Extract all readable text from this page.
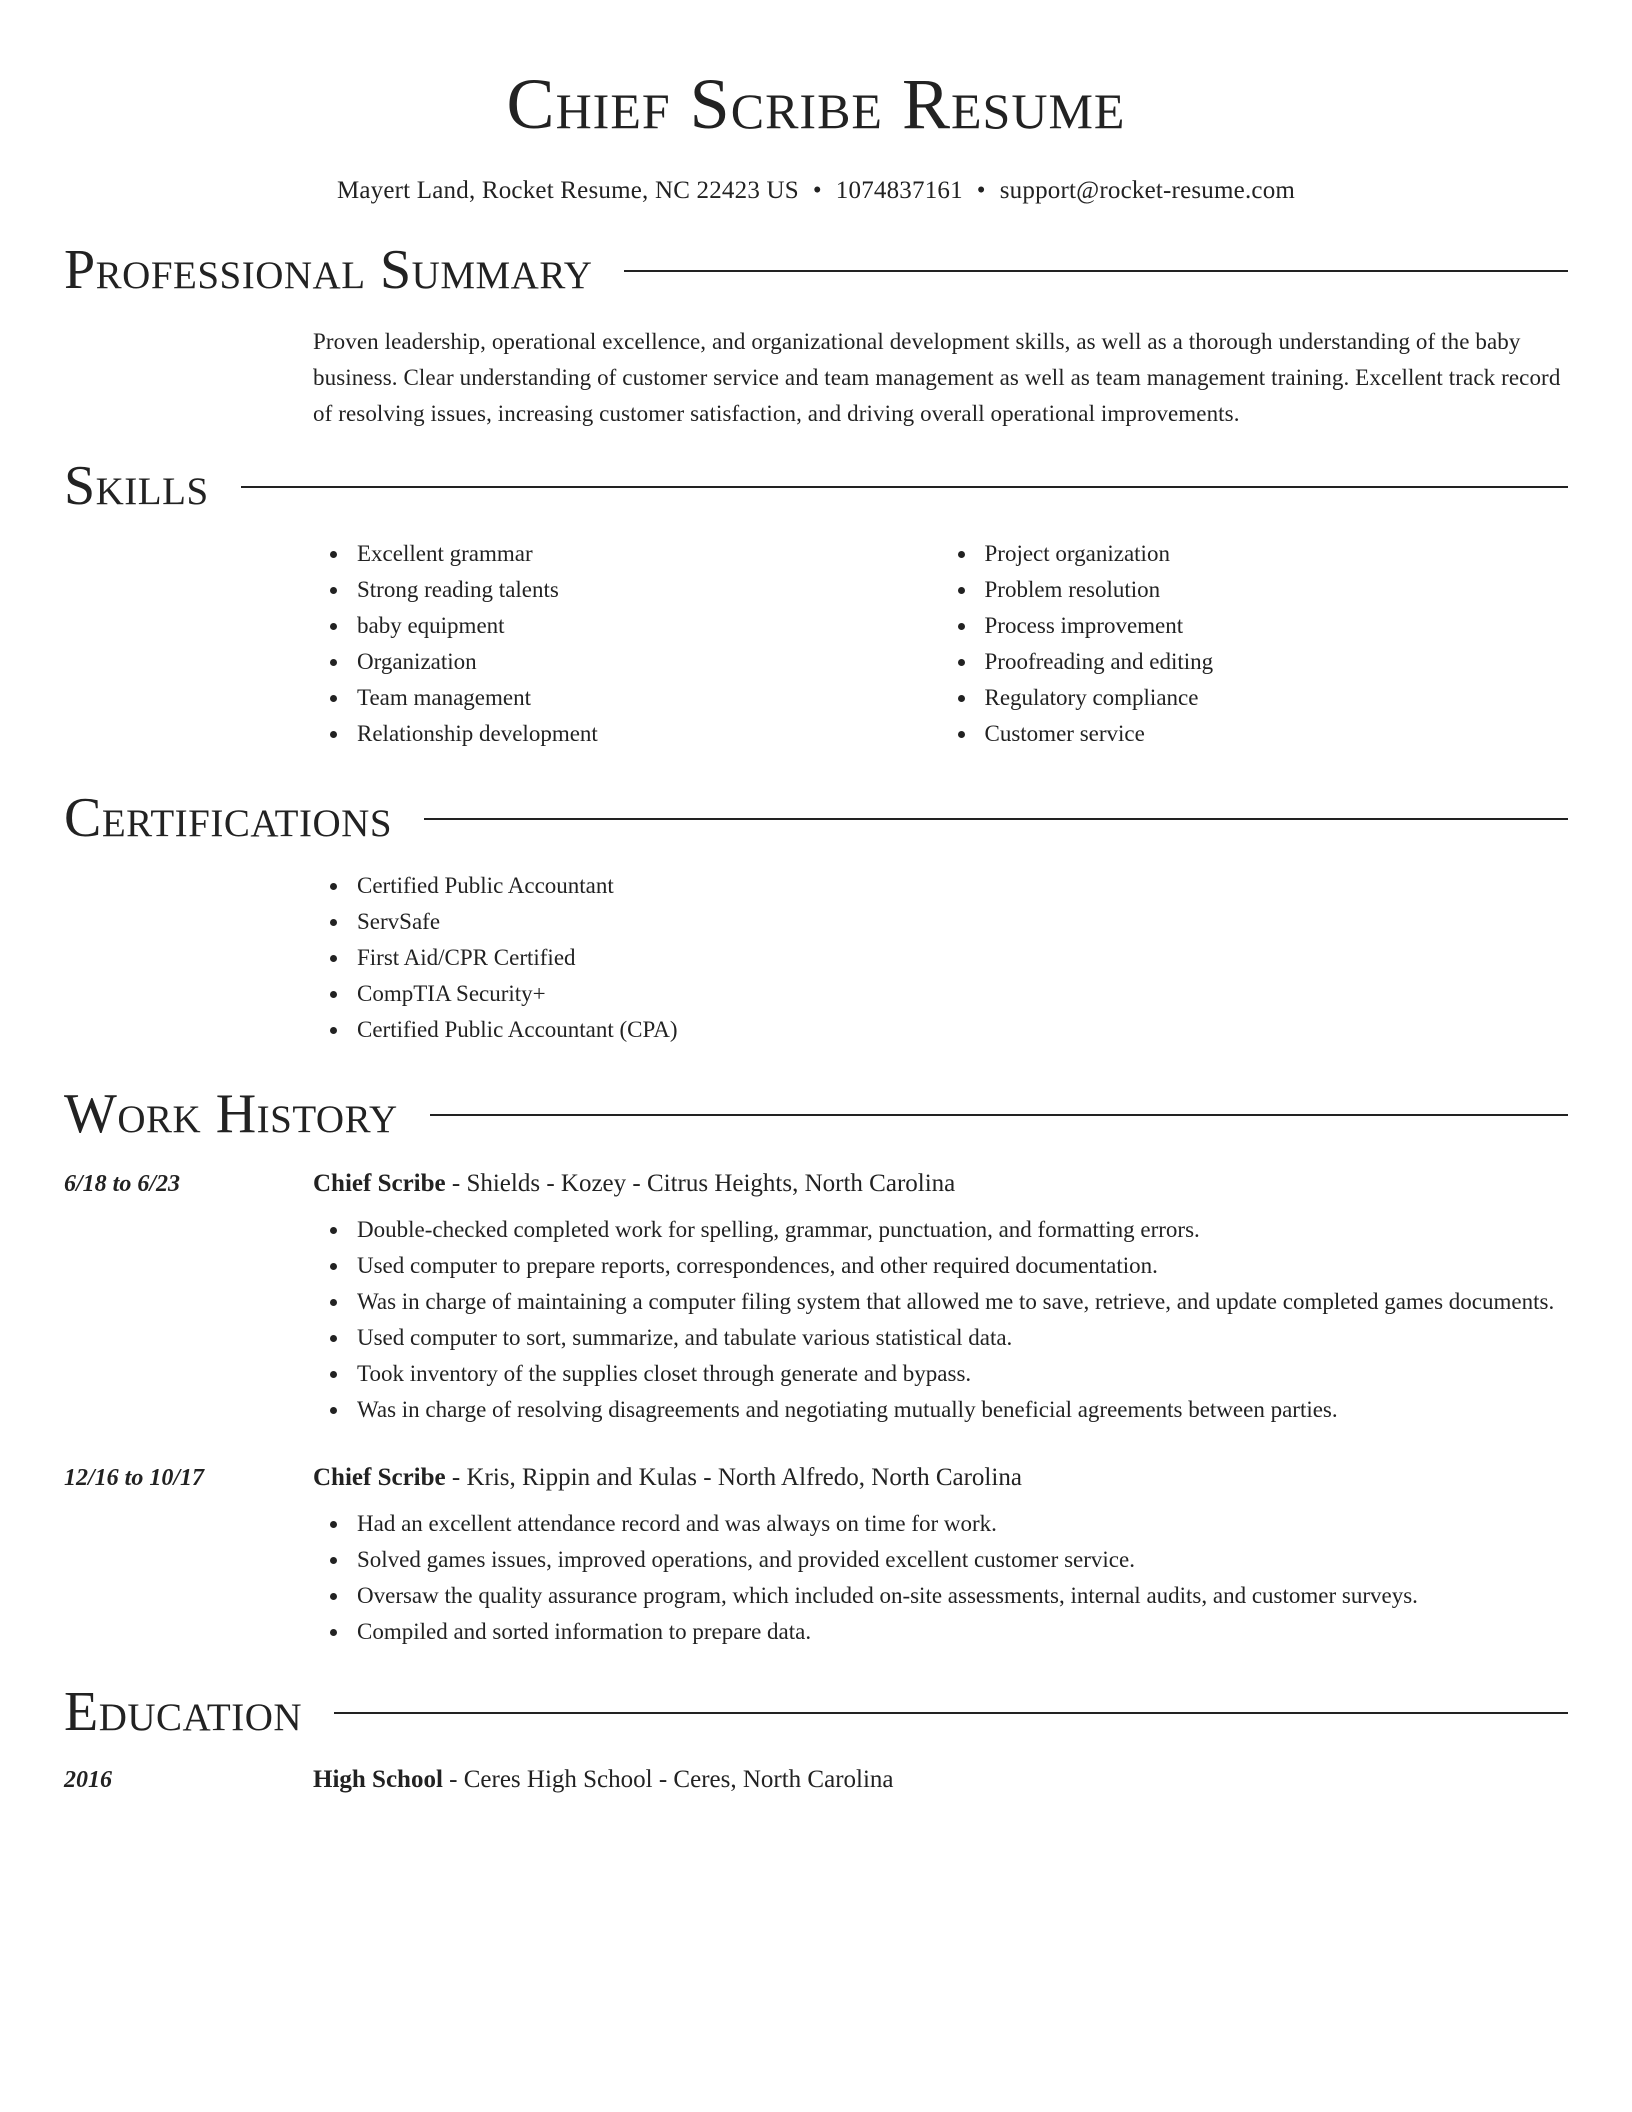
Chief Scribe Resume
Mayert Land, Rocket Resume, NC 22423 US • 1074837161 • support@rocket-resume.com
Professional Summary
Proven leadership, operational excellence, and organizational development skills, as well as a thorough understanding of the baby business. Clear understanding of customer service and team management as well as team management training. Excellent track record of resolving issues, increasing customer satisfaction, and driving overall operational improvements.
Skills
Excellent grammar
Strong reading talents
baby equipment
Organization
Team management
Relationship development
Project organization
Problem resolution
Process improvement
Proofreading and editing
Regulatory compliance
Customer service
Certifications
Certified Public Accountant
ServSafe
First Aid/CPR Certified
CompTIA Security+
Certified Public Accountant (CPA)
Work History
6/18 to 6/23	Chief Scribe - Shields - Kozey - Citrus Heights, North Carolina
Double-checked completed work for spelling, grammar, punctuation, and formatting errors.
Used computer to prepare reports, correspondences, and other required documentation.
Was in charge of maintaining a computer filing system that allowed me to save, retrieve, and update completed games documents.
Used computer to sort, summarize, and tabulate various statistical data.
Took inventory of the supplies closet through generate and bypass.
Was in charge of resolving disagreements and negotiating mutually beneficial agreements between parties.
12/16 to 10/17	Chief Scribe - Kris, Rippin and Kulas - North Alfredo, North Carolina
Had an excellent attendance record and was always on time for work.
Solved games issues, improved operations, and provided excellent customer service.
Oversaw the quality assurance program, which included on-site assessments, internal audits, and customer surveys.
Compiled and sorted information to prepare data.
Education
2016	High School - Ceres High School - Ceres, North Carolina
